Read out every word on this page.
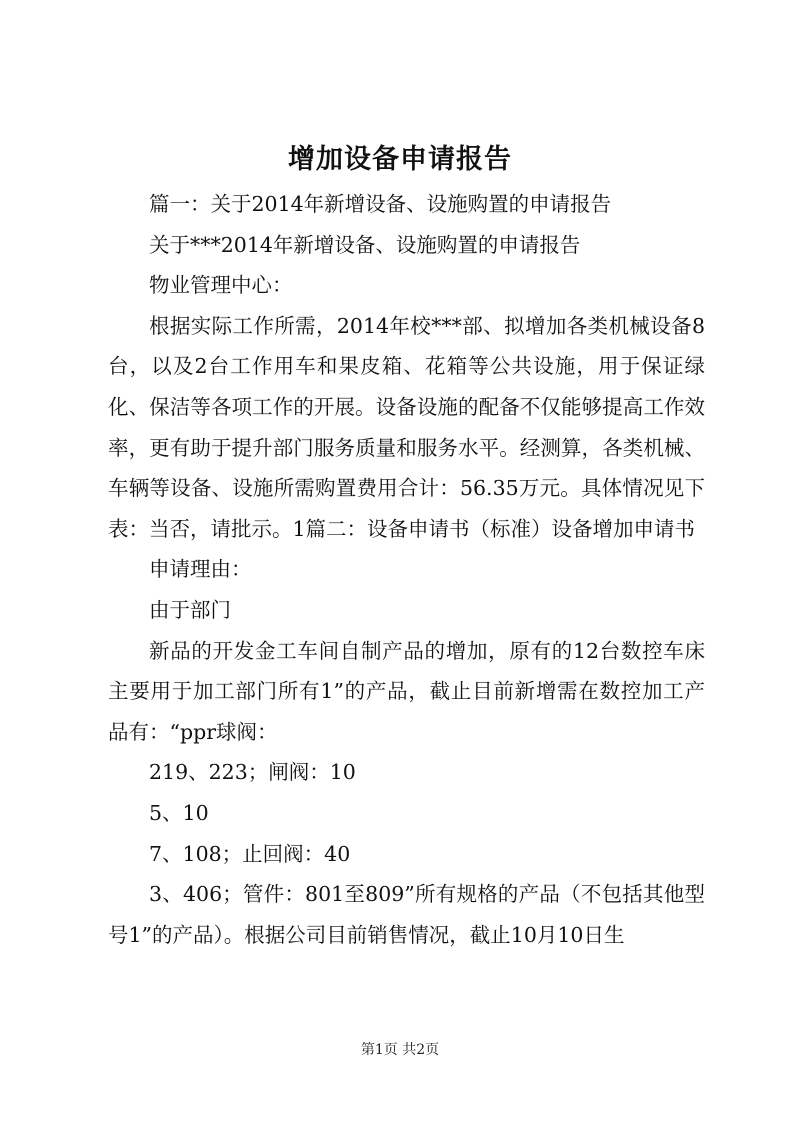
增加设备申请报告

篇一：关于2014年新增设备、设施购置的申请报告

关于***2014年新增设备、设施购置的申请报告

物业管理中心：

根据实际工作所需，2014年校***部、拟增加各类机械设备8台，以及2台工作用车和果皮箱、花箱等公共设施，用于保证绿化、保洁等各项工作的开展。设备设施的配备不仅能够提高工作效率，更有助于提升部门服务质量和服务水平。经测算，各类机械、车辆等设备、设施所需购置费用合计：56.35万元。具体情况见下表：当否，请批示。1篇二：设备申请书（标准）设备增加申请书

申请理由：

由于部门

新品的开发金工车间自制产品的增加，原有的12台数控车床主要用于加工部门所有1”的产品，截止目前新增需在数控加工产品有：“ppr球阀：

219、223；闸阀：10

5、10

7、108；止回阀：40

3、406；管件：801至809”所有规格的产品（不包括其他型号1”的产品）。根据公司目前销售情况，截止10月10日生

第1页 共2页
